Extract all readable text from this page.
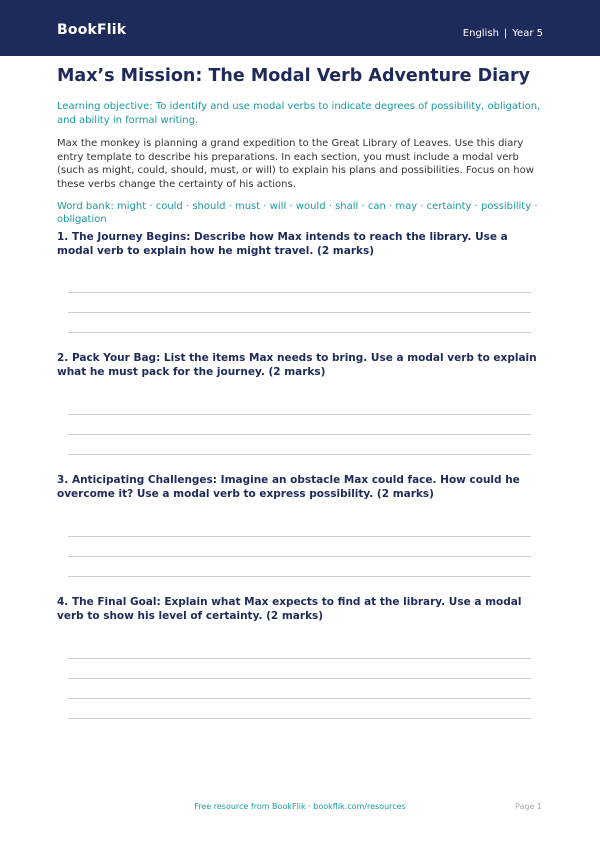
BookFlik	English | Year 5
Max’s Mission: The Modal Verb Adventure Diary

Learning objective: To identify and use modal verbs to indicate degrees of possibility, obligation, and ability in formal writing.

Max the monkey is planning a grand expedition to the Great Library of Leaves. Use this diary entry template to describe his preparations. In each section, you must include a modal verb (such as might, could, should, must, or will) to explain his plans and possibilities. Focus on how these verbs change the certainty of his actions.

Word bank: might · could · should · must · will · would · shall · can · may · certainty · possibility · obligation

1. The Journey Begins: Describe how Max intends to reach the library. Use a modal verb to explain how he might travel. (2 marks)
2. Pack Your Bag: List the items Max needs to bring. Use a modal verb to explain what he must pack for the journey. (2 marks)
3. Anticipating Challenges: Imagine an obstacle Max could face. How could he overcome it? Use a modal verb to express possibility. (2 marks)
4. The Final Goal: Explain what Max expects to find at the library. Use a modal verb to show his level of certainty. (2 marks)
Free resource from BookFlik · bookflik.com/resources	Page 1
